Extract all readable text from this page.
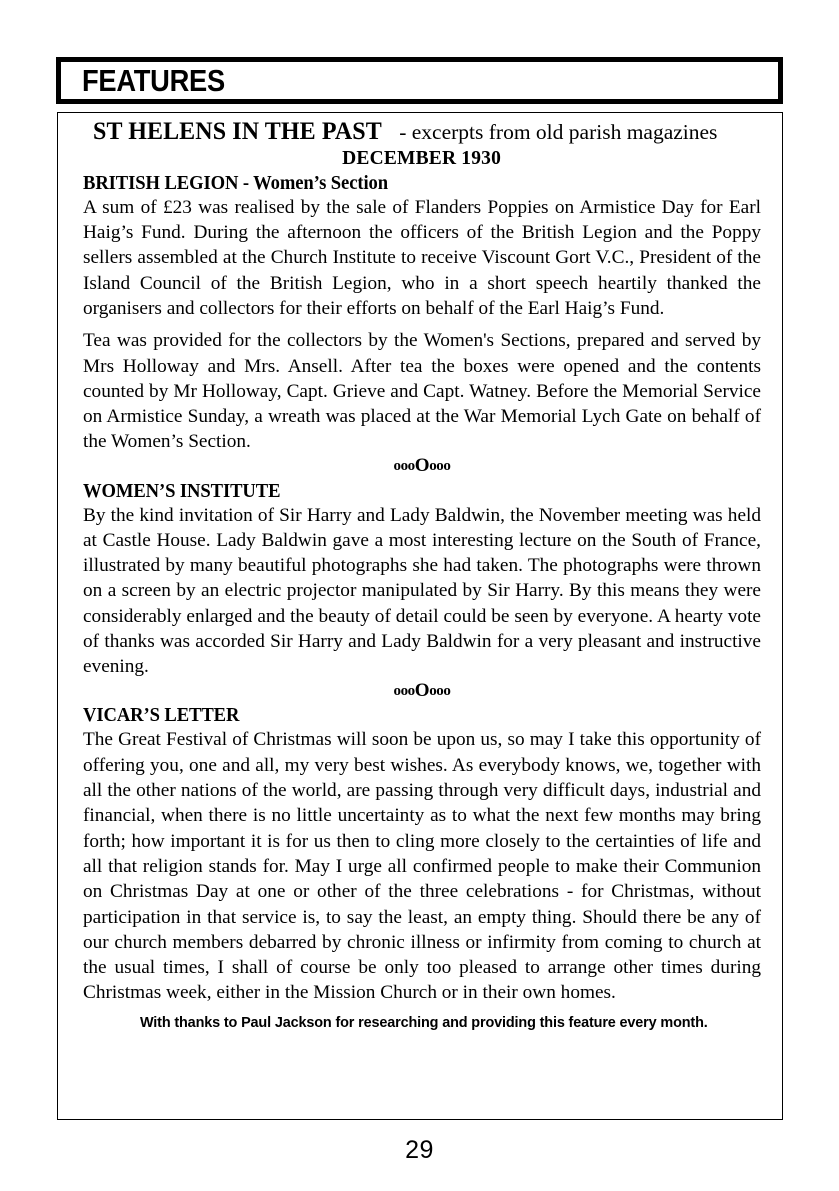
FEATURES
ST HELENS IN THE PAST - excerpts from old parish magazines
DECEMBER 1930
BRITISH LEGION - Women’s Section

A sum of £23 was realised by the sale of Flanders Poppies on Armistice Day for Earl Haig’s Fund. During the afternoon the officers of the British Legion and the Poppy sellers assembled at the Church Institute to receive Viscount Gort V.C., President of the Island Council of the British Legion, who in a short speech heartily thanked the organisers and collectors for their efforts on behalf of the Earl Haig’s Fund.

Tea was provided for the collectors by the Women's Sections, prepared and served by Mrs Holloway and Mrs. Ansell. After tea the boxes were opened and the contents counted by Mr Holloway, Capt. Grieve and Capt. Watney. Before the Memorial Service on Armistice Sunday, a wreath was placed at the War Memorial Lych Gate on behalf of the Women’s Section.

oooOooo
WOMEN’S INSTITUTE

By the kind invitation of Sir Harry and Lady Baldwin, the November meeting was held at Castle House. Lady Baldwin gave a most interesting lecture on the South of France, illustrated by many beautiful photographs she had taken. The photographs were thrown on a screen by an electric projector manipulated by Sir Harry. By this means they were considerably enlarged and the beauty of detail could be seen by everyone. A hearty vote of thanks was accorded Sir Harry and Lady Baldwin for a very pleasant and instructive evening.

oooOooo
VICAR’S LETTER

The Great Festival of Christmas will soon be upon us, so may I take this opportunity of offering you, one and all, my very best wishes. As everybody knows, we, together with all the other nations of the world, are passing through very difficult days, industrial and financial, when there is no little uncertainty as to what the next few months may bring forth; how important it is for us then to cling more closely to the certainties of life and all that religion stands for. May I urge all confirmed people to make their Communion on Christmas Day at one or other of the three celebrations - for Christmas, without participation in that service is, to say the least, an empty thing. Should there be any of our church members debarred by chronic illness or infirmity from coming to church at the usual times, I shall of course be only too pleased to arrange other times during Christmas week, either in the Mission Church or in their own homes.

With thanks to Paul Jackson for researching and providing this feature every month.
29
